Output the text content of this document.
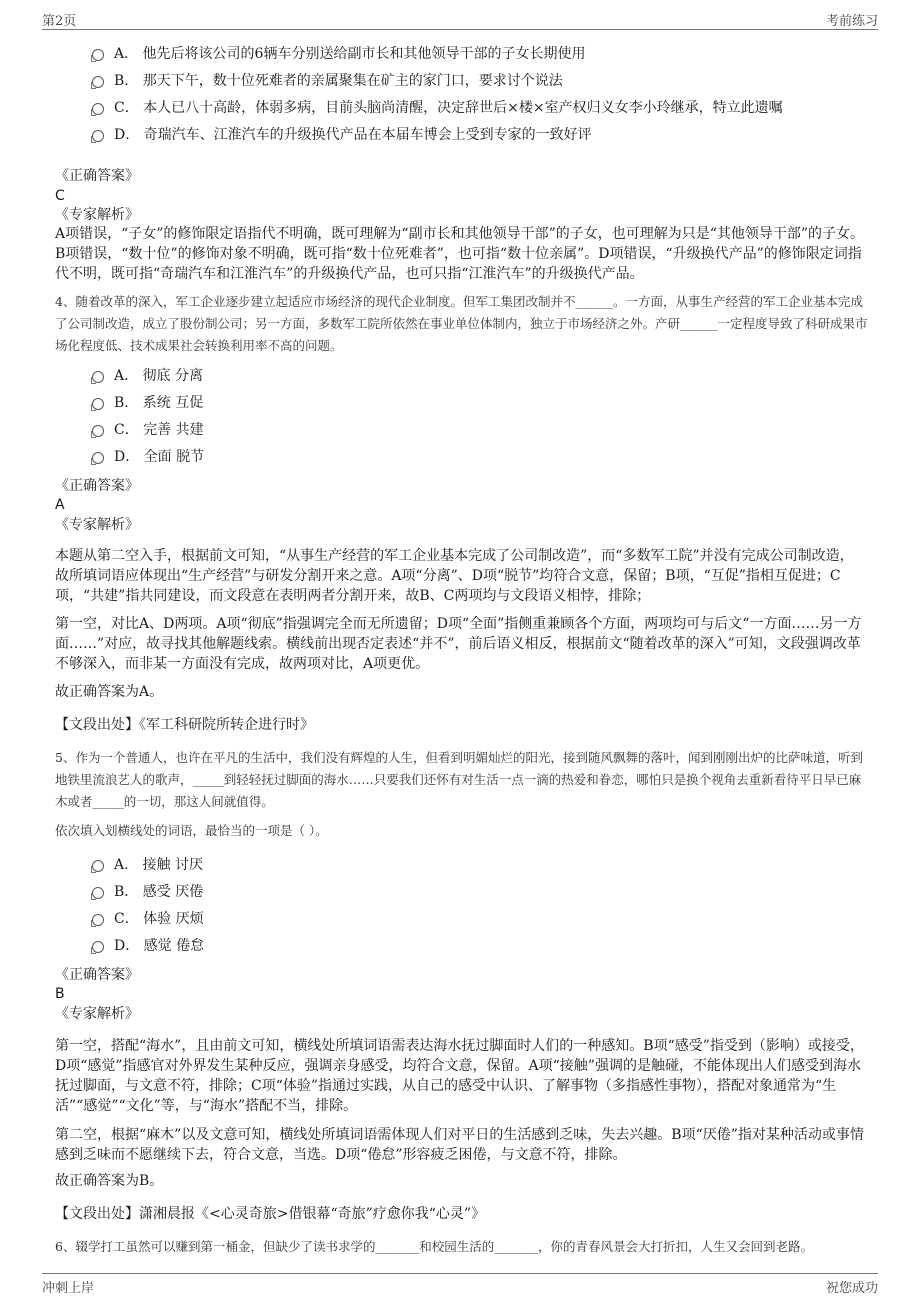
第2页	考前练习
A． 他先后将该公司的6辆车分别送给副市长和其他领导干部的子女长期使用
B． 那天下午，数十位死难者的亲属聚集在矿主的家门口，要求讨个说法
C． 本人已八十高龄，体弱多病，目前头脑尚清醒，决定辞世后×楼×室产权归义女李小玲继承，特立此遗嘱
D． 奇瑞汽车、江淮汽车的升级换代产品在本届车博会上受到专家的一致好评
《正确答案》
C
《专家解析》
A项错误，“子女”的修饰限定语指代不明确，既可理解为“副市长和其他领导干部”的子女，也可理解为只是“其他领导干部”的子女。B项错误，“数十位”的修饰对象不明确，既可指“数十位死难者”，也可指“数十位亲属”。D项错误，“升级换代产品”的修饰限定词指代不明，既可指“奇瑞汽车和江淮汽车”的升级换代产品，也可只指“江淮汽车”的升级换代产品。
4、随着改革的深入，军工企业逐步建立起适应市场经济的现代企业制度。但军工集团改制并不______。一方面，从事生产经营的军工企业基本完成了公司制改造，成立了股份制公司；另一方面，多数军工院所依然在事业单位体制内，独立于市场经济之外。产研______一定程度导致了科研成果市场化程度低、技术成果社会转换利用率不高的问题。
A． 彻底 分离
B． 系统 互促
C． 完善 共建
D． 全面 脱节
《正确答案》
A
《专家解析》
本题从第二空入手，根据前文可知，“从事生产经营的军工企业基本完成了公司制改造”，而“多数军工院”并没有完成公司制改造，故所填词语应体现出“生产经营”与研发分割开来之意。A项“分离”、D项“脱节”均符合文意，保留；B项，“互促”指相互促进；C项，“共建”指共同建设，而文段意在表明两者分割开来，故B、C两项均与文段语义相悖，排除；
第一空，对比A、D两项。A项“彻底”指强调完全而无所遗留；D项“全面”指侧重兼顾各个方面，两项均可与后文“一方面……另一方面……”对应，故寻找其他解题线索。横线前出现否定表述“并不”，前后语义相反，根据前文“随着改革的深入”可知，文段强调改革不够深入，而非某一方面没有完成，故两项对比，A项更优。
故正确答案为A。
【文段出处】《军工科研院所转企进行时》
5、作为一个普通人，也许在平凡的生活中，我们没有辉煌的人生，但看到明媚灿烂的阳光，接到随风飘舞的落叶，闻到刚刚出炉的比萨味道，听到地铁里流浪艺人的歌声，_____到轻轻抚过脚面的海水……只要我们还怀有对生活一点一滴的热爱和眷恋，哪怕只是换个视角去重新看待平日早已麻木或者_____的一切，那这人间就值得。
依次填入划横线处的词语，最恰当的一项是（ ）。
A． 接触 讨厌
B． 感受 厌倦
C． 体验 厌烦
D． 感觉 倦怠
《正确答案》
B
《专家解析》
第一空，搭配“海水”，且由前文可知，横线处所填词语需表达海水抚过脚面时人们的一种感知。B项“感受”指受到（影响）或接受，D项“感觉”指感官对外界发生某种反应，强调亲身感受，均符合文意，保留。A项“接触”强调的是触碰，不能体现出人们感受到海水抚过脚面，与文意不符，排除；C项“体验”指通过实践，从自己的感受中认识、了解事物（多指感性事物），搭配对象通常为“生活”“感觉”“文化”等，与“海水”搭配不当，排除。
第二空，根据“麻木”以及文意可知，横线处所填词语需体现人们对平日的生活感到乏味，失去兴趣。B项“厌倦”指对某种活动或事情感到乏味而不愿继续下去，符合文意，当选。D项“倦怠”形容疲乏困倦，与文意不符，排除。
故正确答案为B。
【文段出处】潇湘晨报《<心灵奇旅>借银幕“奇旅”疗愈你我“心灵”》
6、辍学打工虽然可以赚到第一桶金，但缺少了读书求学的_______和校园生活的_______，你的青春风景会大打折扣，人生又会回到老路。
冲刺上岸	祝您成功
